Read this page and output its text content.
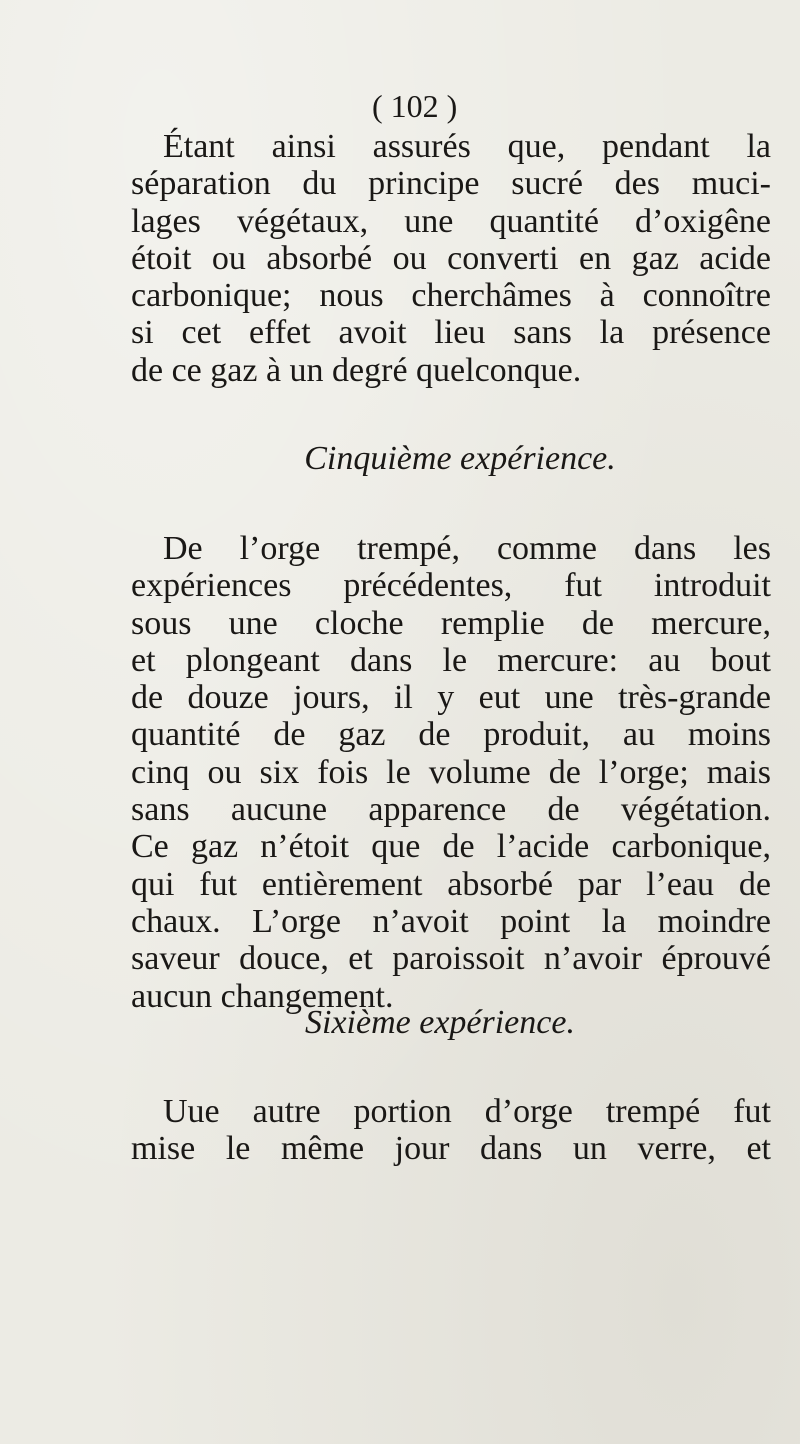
( 102 )
Étant ainsi assurés que, pendant la
séparation du principe sucré des muci-
lages végétaux, une quantité d’oxigêne
étoit ou absorbé ou converti en gaz acide
carbonique; nous cherchâmes à connoître
si cet effet avoit lieu sans la présence
de ce gaz à un degré quelconque.
Cinquième expérience.
De l’orge trempé, comme dans les
expériences précédentes, fut introduit
sous une cloche remplie de mercure,
et plongeant dans le mercure: au bout
de douze jours, il y eut une très-grande
quantité de gaz de produit, au moins
cinq ou six fois le volume de l’orge; mais
sans aucune apparence de végétation.
Ce gaz n’étoit que de l’acide carbonique,
qui fut entièrement absorbé par l’eau de
chaux. L’orge n’avoit point la moindre
saveur douce, et paroissoit n’avoir éprouvé
aucun changement.
Sixième expérience.
Uue autre portion d’orge trempé fut
mise le même jour dans un verre, et
